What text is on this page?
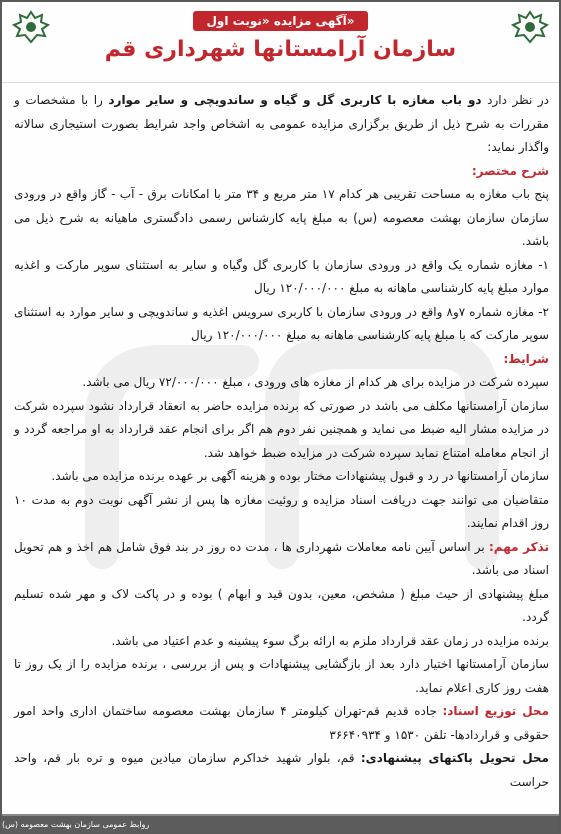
«آگهی مزایده «نوبت اول
سازمان آرامستانها شهرداری قم

در نظر دارد دو باب مغازه با کاربری گل و گیاه و ساندویچی و سایر موارد را با مشخصات و مقررات به شرح ذیل از طریق برگزاری مزایده عمومی به اشخاص واجد شرایط بصورت استیجاری سالانه واگذار نماید:

شرح مختصر:

پنج باب مغازه به مساحت تقریبی هر کدام ۱۷ متر مربع و ۳۴ متر با امکانات برق - آب - گاز واقع در ورودی سازمان سازمان بهشت معصومه (س) به مبلغ پایه کارشناس رسمی دادگستری ماهیانه به شرح ذیل می باشد.

۱- مغازه شماره یک واقع در ورودی سازمان با کاربری گل وگیاه و سایر به استثنای سوپر مارکت و اغذیه موارد مبلغ پایه کارشناسی ماهانه به مبلغ ۱۲۰/۰۰۰/۰۰۰ ریال

۲- مغازه شماره ۷و۸ واقع در ورودی سازمان با کاربری سرویس اغذیه و ساندویچی و سایر موارد به استثنای سوپر مارکت که با مبلغ پایه کارشناسی ماهانه به مبلغ ۱۲۰/۰۰۰/۰۰۰ ریال

شرایط:

سپرده شرکت در مزایده برای هر کدام از مغازه های ورودی ، مبلغ ۷۲/۰۰۰/۰۰۰ ریال می باشد.

سازمان آرامستانها مکلف می باشد در صورتی که برنده مزایده حاضر به انعقاد قرارداد نشود سپرده شرکت در مزایده مشار الیه ضبط می نماید و همچنین نفر دوم هم اگر برای انجام عقد قرارداد به او مراجعه گردد و از انجام معامله امتناع نماید سپرده شرکت در مزایده ضبط خواهد شد.

سازمان آرامستانها در رد و قبول پیشنهادات مختار بوده و هزینه آگهی بر عهده برنده مزایده می باشد.

متقاضیان می توانند جهت دریافت اسناد مزایده و روئیت مغازه ها پس از نشر آگهی نوبت دوم به مدت ۱۰ روز اقدام نمایند.

تذکر مهم: بر اساس آیین نامه معاملات شهرداری ها ، مدت ده روز در بند فوق شامل هم اخذ و هم تحویل اسناد می باشد.

مبلغ پیشنهادی از حیث مبلغ ( مشخص، معین، بدون قید و ابهام ) بوده و در پاکت لاک و مهر شده تسلیم گردد.

برنده مزایده در زمان عقد قرارداد ملزم به ارائه برگ سوء پیشینه و عدم اعتیاد می باشد.

سازمان آرامستانها اختیار دارد بعد از بازگشایی پیشنهادات و پس از بررسی ، برنده مزایده را از یک روز تا هفت روز کاری اعلام نماید.

محل توزیع اسناد: جاده قدیم قم-تهران کیلومتر ۴ سازمان بهشت معصومه ساختمان اداری واحد امور حقوقی و قراردادها- تلفن ۱۵۳۰ و ۳۶۶۴۰۹۳۴

محل تحویل پاکتهای پیشنهادی: قم، بلوار شهید خداکرم سازمان میادین میوه و تره بار قم، واحد حراست

روابط عمومی سازمان بهشت معصومه (س)
